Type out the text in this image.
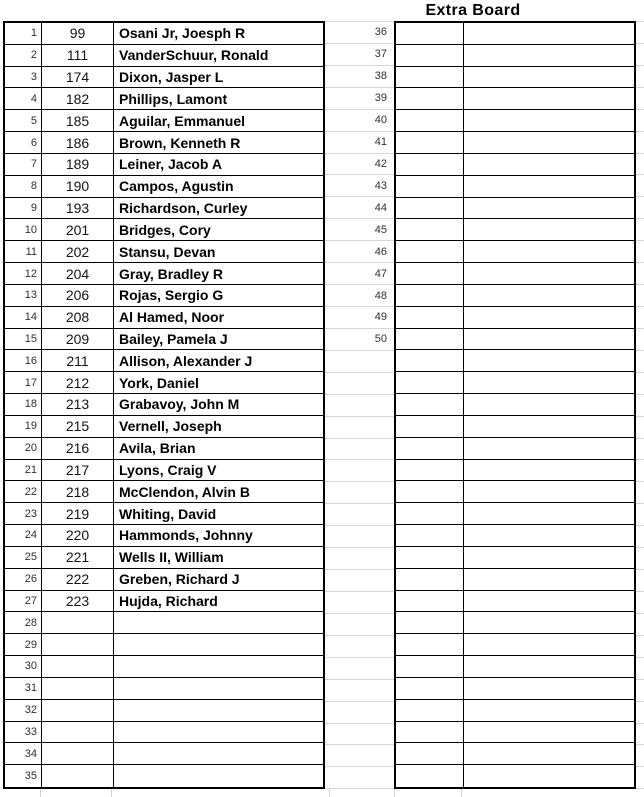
Extra Board
1	99	Osani Jr, Joesph R
2	111	VanderSchuur, Ronald
3	174	Dixon, Jasper L
4	182	Phillips, Lamont
5	185	Aguilar, Emmanuel
6	186	Brown, Kenneth R
7	189	Leiner, Jacob A
8	190	Campos, Agustin
9	193	Richardson, Curley
10	201	Bridges, Cory
11	202	Stansu, Devan
12	204	Gray, Bradley R
13	206	Rojas, Sergio G
14	208	Al Hamed, Noor
15	209	Bailey, Pamela J
16	211	Allison, Alexander J
17	212	York, Daniel
18	213	Grabavoy, John M
19	215	Vernell, Joseph
20	216	Avila, Brian
21	217	Lyons, Craig V
22	218	McClendon, Alvin B
23	219	Whiting, David
24	220	Hammonds, Johnny
25	221	Wells II, William
26	222	Greben, Richard J
27	223	Hujda, Richard
28
29
30
31
32
33
34
35
36
37
38
39
40
41
42
43
44
45
46
47
48
49
50
